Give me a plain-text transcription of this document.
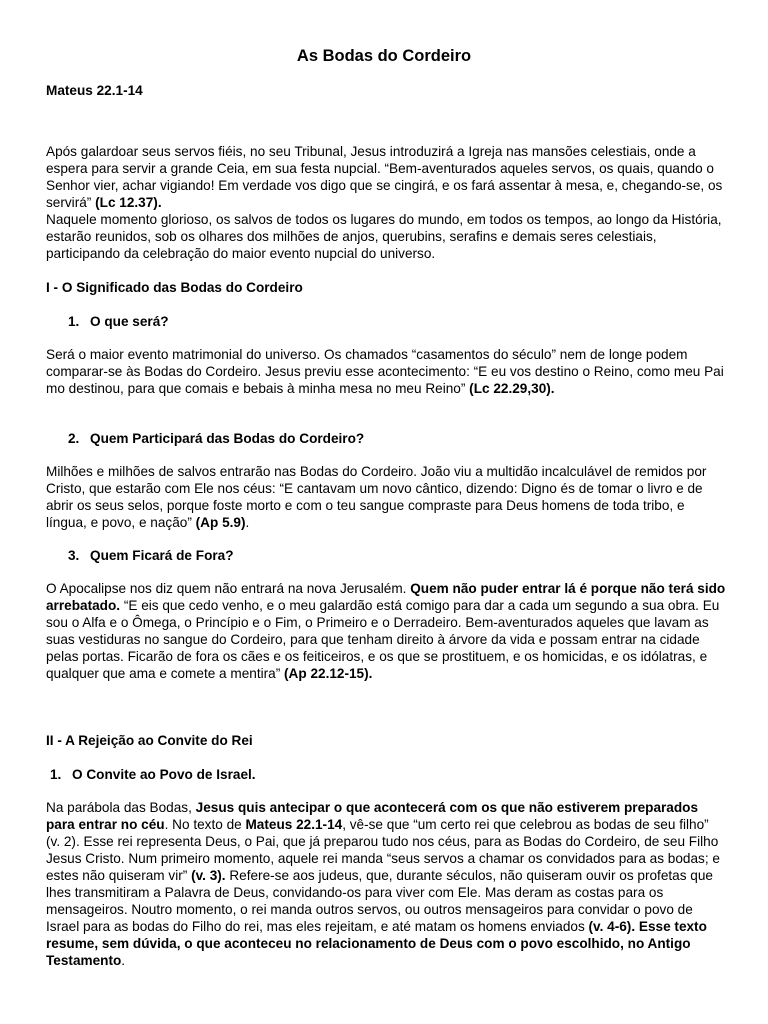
As Bodas do Cordeiro
Mateus 22.1-14

Após galardoar seus servos fiéis, no seu Tribunal, Jesus introduzirá a Igreja nas mansões celestiais, onde a espera para servir a grande Ceia, em sua festa nupcial. “Bem-aventurados aqueles servos, os quais, quando o Senhor vier, achar vigiando! Em verdade vos digo que se cingirá, e os fará assentar à mesa, e, chegando-se, os servirá” (Lc 12.37).

Naquele momento glorioso, os salvos de todos os lugares do mundo, em todos os tempos, ao longo da História, estarão reunidos, sob os olhares dos milhões de anjos, querubins, serafins e demais seres celestiais, participando da celebração do maior evento nupcial do universo.

I - O Significado das Bodas do Cordeiro
1. O que será?

Será o maior evento matrimonial do universo. Os chamados “casamentos do século” nem de longe podem comparar-se às Bodas do Cordeiro. Jesus previu esse acontecimento: “E eu vos destino o Reino, como meu Pai mo destinou, para que comais e bebais à minha mesa no meu Reino” (Lc 22.29,30).

2. Quem Participará das Bodas do Cordeiro?

Milhões e milhões de salvos entrarão nas Bodas do Cordeiro. João viu a multidão incalculável de remidos por Cristo, que estarão com Ele nos céus: “E cantavam um novo cântico, dizendo: Digno és de tomar o livro e de abrir os seus selos, porque foste morto e com o teu sangue compraste para Deus homens de toda tribo, e língua, e povo, e nação” (Ap 5.9).

3. Quem Ficará de Fora?

O Apocalipse nos diz quem não entrará na nova Jerusalém. Quem não puder entrar lá é porque não terá sido arrebatado. “E eis que cedo venho, e o meu galardão está comigo para dar a cada um segundo a sua obra. Eu sou o Alfa e o Ômega, o Princípio e o Fim, o Primeiro e o Derradeiro. Bem-aventurados aqueles que lavam as suas vestiduras no sangue do Cordeiro, para que tenham direito à árvore da vida e possam entrar na cidade pelas portas. Ficarão de fora os cães e os feiticeiros, e os que se prostituem, e os homicidas, e os idólatras, e qualquer que ama e comete a mentira” (Ap 22.12-15).

II - A Rejeição ao Convite do Rei
1. O Convite ao Povo de Israel.

Na parábola das Bodas, Jesus quis antecipar o que acontecerá com os que não estiverem preparados para entrar no céu. No texto de Mateus 22.1-14, vê-se que “um certo rei que celebrou as bodas de seu filho” (v. 2). Esse rei representa Deus, o Pai, que já preparou tudo nos céus, para as Bodas do Cordeiro, de seu Filho Jesus Cristo. Num primeiro momento, aquele rei manda “seus servos a chamar os convidados para as bodas; e estes não quiseram vir” (v. 3). Refere-se aos judeus, que, durante séculos, não quiseram ouvir os profetas que lhes transmitiram a Palavra de Deus, convidando-os para viver com Ele. Mas deram as costas para os mensageiros. Noutro momento, o rei manda outros servos, ou outros mensageiros para convidar o povo de Israel para as bodas do Filho do rei, mas eles rejeitam, e até matam os homens enviados (v. 4-6). Esse texto resume, sem dúvida, o que aconteceu no relacionamento de Deus com o povo escolhido, no Antigo Testamento.
